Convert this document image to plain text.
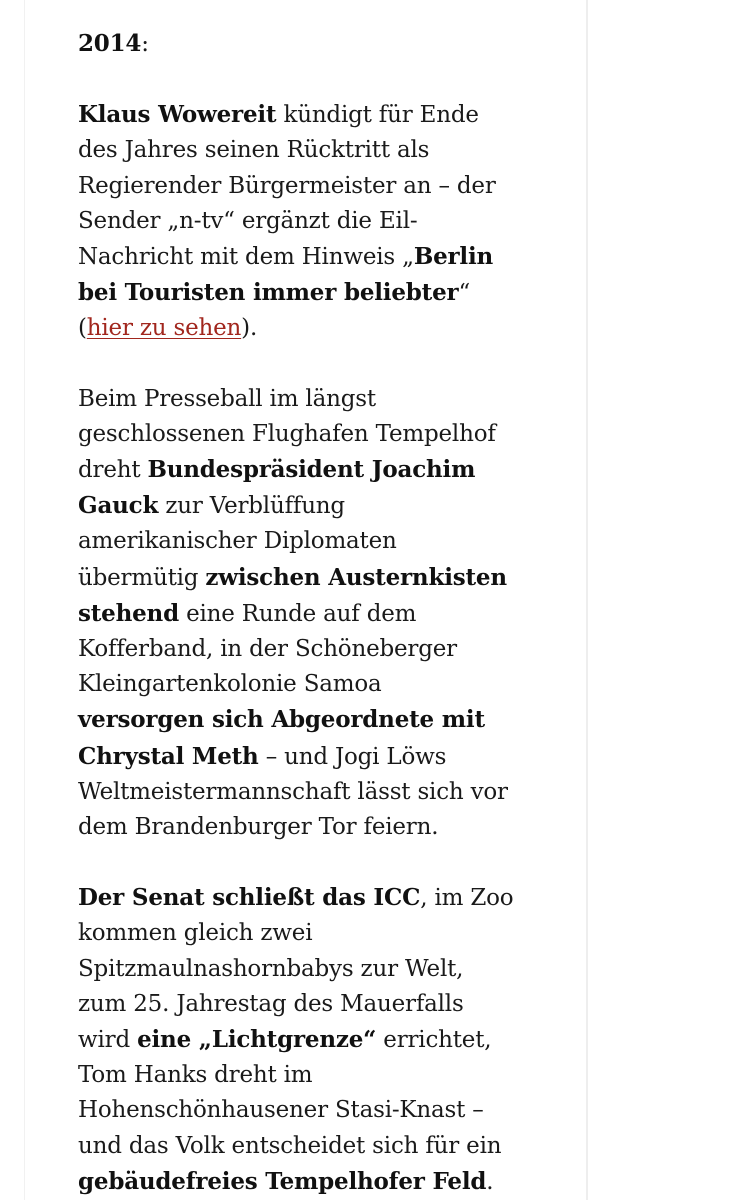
2014:

Klaus Wowereit kündigt für Ende
des Jahres seinen Rücktritt als
Regierender Bürgermeister an – der
Sender „n-tv“ ergänzt die Eil-
Nachricht mit dem Hinweis „Berlin
bei Touristen immer beliebter“
(hier zu sehen).

Beim Presseball im längst
geschlossenen Flughafen Tempelhof
dreht Bundespräsident Joachim
Gauck zur Verblüffung
amerikanischer Diplomaten
übermütig zwischen Austernkisten
stehend eine Runde auf dem
Kofferband, in der Schöneberger
Kleingartenkolonie Samoa
versorgen sich Abgeordnete mit
Chrystal Meth – und Jogi Löws
Weltmeistermannschaft lässt sich vor
dem Brandenburger Tor feiern.

Der Senat schließt das ICC, im Zoo
kommen gleich zwei
Spitzmaulnashornbabys zur Welt,
zum 25. Jahrestag des Mauerfalls
wird eine „Lichtgrenze“ errichtet,
Tom Hanks dreht im
Hohenschönhausener Stasi-Knast –
und das Volk entscheidet sich für ein
gebäudefreies Tempelhofer Feld.
